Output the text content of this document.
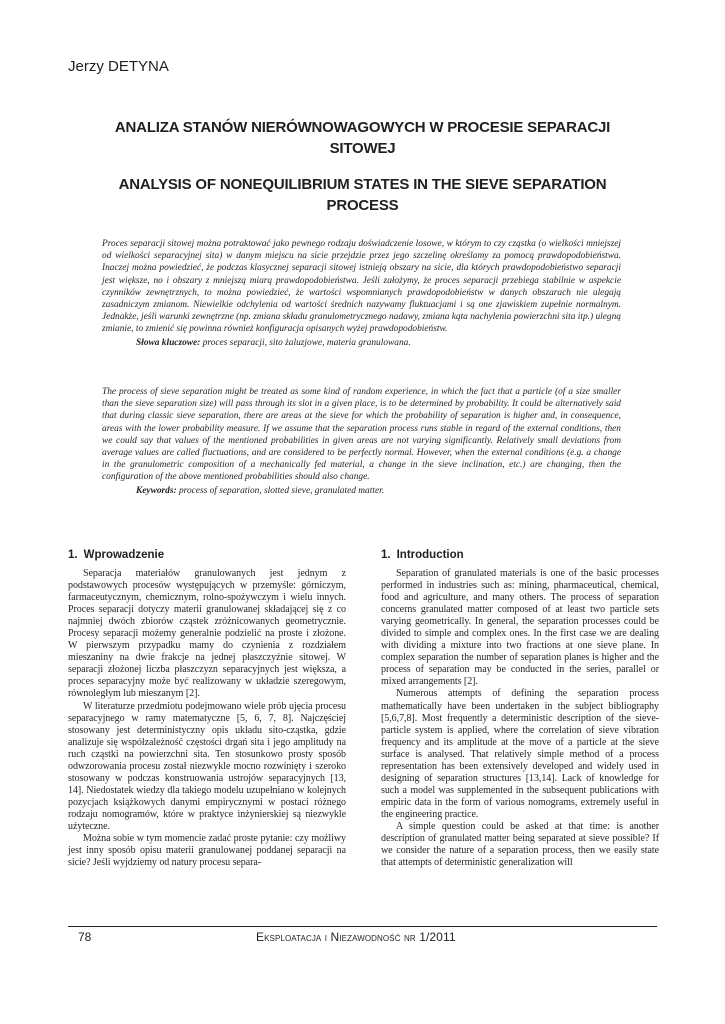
Jerzy DETYNA
ANALIZA STANÓW NIERÓWNOWAGOWYCH W PROCESIE SEPARACJI SITOWEJ
ANALYSIS OF NONEQUILIBRIUM STATES IN THE SIEVE SEPARATION PROCESS

Proces separacji sitowej można potraktować jako pewnego rodzaju doświadczenie losowe, w którym to czy cząstka (o wielkości mniejszej od wielkości separacyjnej sita) w danym miejscu na sicie przejdzie przez jego szczelinę określamy za pomocą prawdopodobieństwa. Inaczej można powiedzieć, że podczas klasycznej separacji sitowej istnieją obszary na sicie, dla których prawdopodobieństwo separacji jest większe, no i obszary z mniejszą miarą prawdopodobieństwa. Jeśli założymy, że proces separacji przebiega stabilnie w aspekcie czynników zewnętrznych, to można powiedzieć, że wartości wspomnianych prawdopodobieństw w danych obszarach nie ulegają zasadniczym zmianom. Niewielkie odchylenia od wartości średnich nazywamy fluktuacjami i są one zjawiskiem zupełnie normalnym. Jednakże, jeśli warunki zewnętrzne (np. zmiana składu granulometrycznego nadawy, zmiana kąta nachylenia powierzchni sita itp.) ulegną zmianie, to zmienić się powinna również konfiguracja opisanych wyżej prawdopodobieństw.

Słowa kluczowe: proces separacji, sito żaluzjowe, materia granulowana.

The process of sieve separation might be treated as some kind of random experience, in which the fact that a particle (of a size smaller than the sieve separation size) will pass through its slot in a given place, is to be determined by probability. It could be alternatively said that during classic sieve separation, there are areas at the sieve for which the probability of separation is higher and, in consequence, areas with the lower probability measure. If we assume that the separation process runs stable in regard of the external conditions, then we could say that values of the mentioned probabilities in given areas are not varying significantly. Relatively small deviations from average values are called fluctuations, and are considered to be perfectly normal. However, when the external conditions (e.g. a change in the granulometric composition of a mechanically fed material, a change in the sieve inclination, etc.) are changing, then the configuration of the above mentioned probabilities should also change.

Keywords: process of separation, slotted sieve, granulated matter.

1. Wprowadzenie

Separacja materiałów granulowanych jest jednym z podstawowych procesów występujących w przemyśle: górniczym, farmaceutycznym, chemicznym, rolno-spożywczym i wielu innych. Proces separacji dotyczy materii granulowanej składającej się z co najmniej dwóch zbiorów cząstek zróżnicowanych geometrycznie. Procesy separacji możemy generalnie podzielić na proste i złożone. W pierwszym przypadku mamy do czynienia z rozdziałem mieszaniny na dwie frakcje na jednej płaszczyźnie sitowej. W separacji złożonej liczba płaszczyzn separacyjnych jest większa, a proces separacyjny może być realizowany w układzie szeregowym, równoległym lub mieszanym [2].

W literaturze przedmiotu podejmowano wiele prób ujęcia procesu separacyjnego w ramy matematyczne [5, 6, 7, 8]. Najczęściej stosowany jest deterministyczny opis układu sito-cząstka, gdzie analizuje się współzależność częstości drgań sita i jego amplitudy na ruch cząstki na powierzchni sita. Ten stosunkowo prosty sposób odwzorowania procesu został niezwykle mocno rozwinięty i szeroko stosowany w podczas konstruowania ustrojów separacyjnych [13, 14]. Niedostatek wiedzy dla takiego modelu uzupełniano w kolejnych pozycjach książkowych danymi empirycznymi w postaci różnego rodzaju nomogramów, które w praktyce inżynierskiej są niezwykle użyteczne.

Można sobie w tym momencie zadać proste pytanie: czy możliwy jest inny sposób opisu materii granulowanej poddanej separacji na sicie? Jeśli wyjdziemy od natury procesu separa-

1. Introduction

Separation of granulated materials is one of the basic processes performed in industries such as: mining, pharmaceutical, chemical, food and agriculture, and many others. The process of separation concerns granulated matter composed of at least two particle sets varying geometrically. In general, the separation processes could be divided to simple and complex ones. In the first case we are dealing with dividing a mixture into two fractions at one sieve plane. In complex separation the number of separation planes is higher and the process of separation may be conducted in the series, parallel or mixed arrangements [2].

Numerous attempts of defining the separation process mathematically have been undertaken in the subject bibliography [5,6,7,8]. Most frequently a deterministic description of the sieve-particle system is applied, where the correlation of sieve vibration frequency and its amplitude at the move of a particle at the sieve surface is analysed. That relatively simple method of a process representation has been extensively developed and widely used in designing of separation structures [13,14]. Lack of knowledge for such a model was supplemented in the subsequent publications with empiric data in the form of various nomograms, extremely useful in the engineering practice.

A simple question could be asked at that time: is another description of granulated matter being separated at sieve possible? If we consider the nature of a separation process, then we easily state that attempts of deterministic generalization will

78	Eksploatacja i Niezawodność nr 1/2011
